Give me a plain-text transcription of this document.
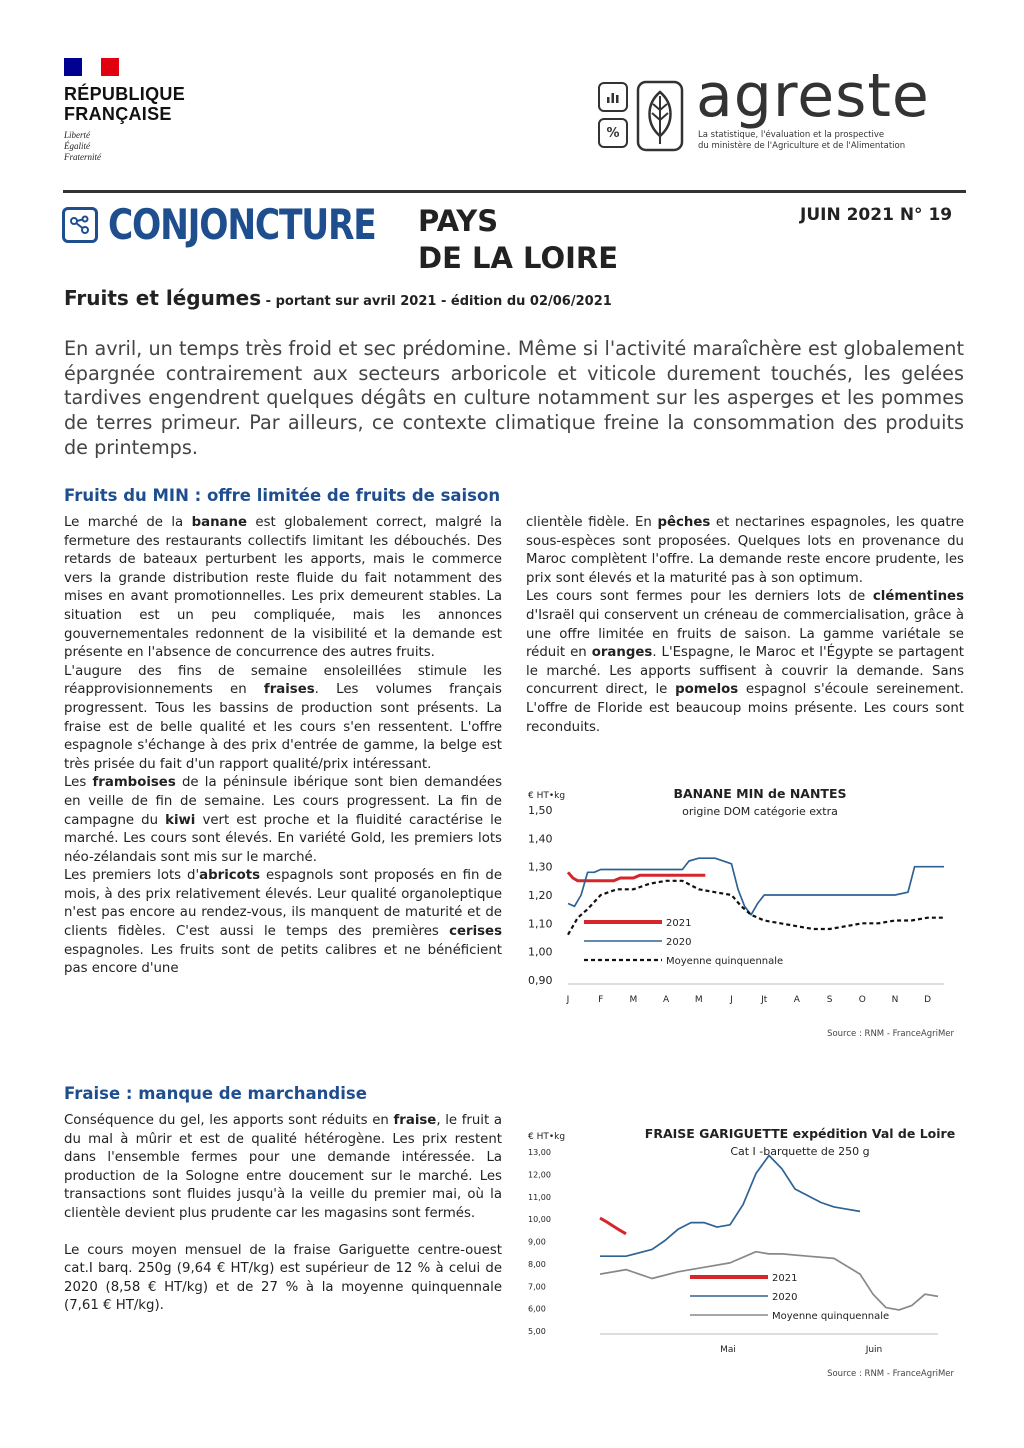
RÉPUBLIQUE
FRANÇAISE
Liberté
Égalité
Fraternité
%
agreste
La statistique, l'évaluation et la prospective
du ministère de l'Agriculture et de l'Alimentation
CONJONCTURE PAYS
DE LA LOIRE
JUIN 2021 N° 19
Fruits et légumes - portant sur avril 2021 - édition du 02/06/2021
En avril, un temps très froid et sec prédomine. Même si l'activité maraîchère est globalement épargnée contrairement aux secteurs arboricole et viticole durement touchés, les gelées tardives engendrent quelques dégâts en culture notamment sur les asperges et les pommes de terres primeur. Par ailleurs, ce contexte climatique freine la consommation des produits de printemps.
Fruits du MIN : offre limitée de fruits de saison

Le marché de la banane est globalement correct, malgré la fermeture des restaurants collectifs limitant les débouchés. Des retards de bateaux perturbent les apports, mais le commerce vers la grande distribution reste fluide du fait notamment des mises en avant promotionnelles. Les prix demeurent stables. La situation est un peu compliquée, mais les annonces gouvernementales redonnent de la visibilité et la demande est présente en l'absence de concurrence des autres fruits.

L'augure des fins de semaine ensoleillées stimule les réapprovisionnements en fraises. Les volumes français progressent. Tous les bassins de production sont présents. La fraise est de belle qualité et les cours s'en ressentent. L'offre espagnole s'échange à des prix d'entrée de gamme, la belge est très prisée du fait d'un rapport qualité/prix intéressant.

Les framboises de la péninsule ibérique sont bien demandées en veille de fin de semaine. Les cours progressent. La fin de campagne du kiwi vert est proche et la fluidité caractérise le marché. Les cours sont élevés. En variété Gold, les premiers lots néo-zélandais sont mis sur le marché.

Les premiers lots d'abricots espagnols sont proposés en fin de mois, à des prix relativement élevés. Leur qualité organoleptique n'est pas encore au rendez-vous, ils manquent de maturité et de clients fidèles. C'est aussi le temps des premières cerises espagnoles. Les fruits sont de petits calibres et ne bénéficient pas encore d'une

clientèle fidèle. En pêches et nectarines espagnoles, les quatre sous-espèces sont proposées. Quelques lots en provenance du Maroc complètent l'offre. La demande reste encore prudente, les prix sont élevés et la maturité pas à son optimum.

Les cours sont fermes pour les derniers lots de clémentines d'Israël qui conservent un créneau de commercialisation, grâce à une offre limitée en fruits de saison. La gamme variétale se réduit en oranges. L'Espagne, le Maroc et l'Égypte se partagent le marché. Les apports suffisent à couvrir la demande. Sans concurrent direct, le pomelos espagnol s'écoule sereinement. L'offre de Floride est beaucoup moins présente. Les cours sont reconduits.

€ HT•kg
1,50
1,40
1,30
1,20
1,10
1,00
0,90
J	F	M	A	M	J	Jt	A	S	O	N	D
BANANE MIN de NANTES
origine DOM catégorie extra
2021
2020
Moyenne quinquennale
Source : RNM - FranceAgriMer
Fraise : manque de marchandise

Conséquence du gel, les apports sont réduits en fraise, le fruit a du mal à mûrir et est de qualité hétérogène. Les prix restent dans l'ensemble fermes pour une demande intéressée. La production de la Sologne entre doucement sur le marché. Les transactions sont fluides jusqu'à la veille du premier mai, où la clientèle devient plus prudente car les magasins sont fermés.

Le cours moyen mensuel de la fraise Gariguette centre-ouest cat.I barq. 250g (9,64 € HT/kg) est supérieur de 12 % à celui de 2020 (8,58 € HT/kg) et de 27 % à la moyenne quinquennale (7,61 € HT/kg).

€ HT•kg
13,00
12,00
11,00
10,00
9,00
8,00
7,00
6,00
5,00
Mai	Juin
FRAISE GARIGUETTE expédition Val de Loire
Cat I -barquette de 250 g
2021
2020
Moyenne quinquennale
Source : RNM - FranceAgriMer
